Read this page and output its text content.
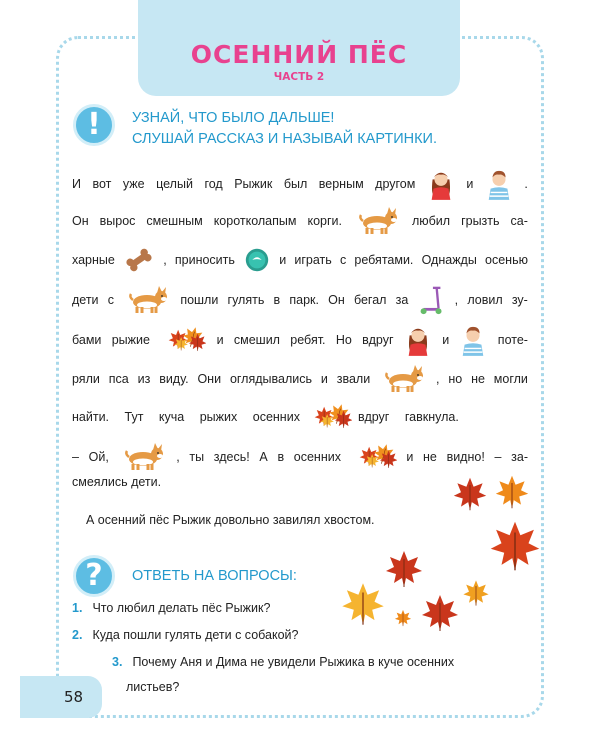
ОСЕННИЙ ПЁС
ЧАСТЬ 2
!	УЗНАЙ, ЧТО БЫЛО ДАЛЬШЕ!
СЛУШАЙ РАССКАЗ И НАЗЫВАЙ КАРТИНКИ.
И вот уже целый год Рыжик был верным другом	и	.
Он вырос смешным коротколапым корги.	любил грызть са-
харные	, приносить	и играть с ребятами. Однажды осенью
дети с	пошли гулять в парк. Он бегал за	, ловил зу-
бами рыжие	и смешил ребят. Но вдруг	и	поте-
ряли пса из виду. Они оглядывались и звали	, но не могли
найти.
Тут
куча
рыжих
осенних	вдруг
гавкнула.
– Ой,	, ты здесь! А в осенних	и не видно! – за-
смеялись дети.
А осенний пёс Рыжик довольно завилял хвостом.
?	ОТВЕТЬ НА ВОПРОСЫ:
1. Что любил делать пёс Рыжик?
2. Куда пошли гулять дети с собакой?
3. Почему Аня и Дима не увидели Рыжика в куче осенних
листьев?
58
